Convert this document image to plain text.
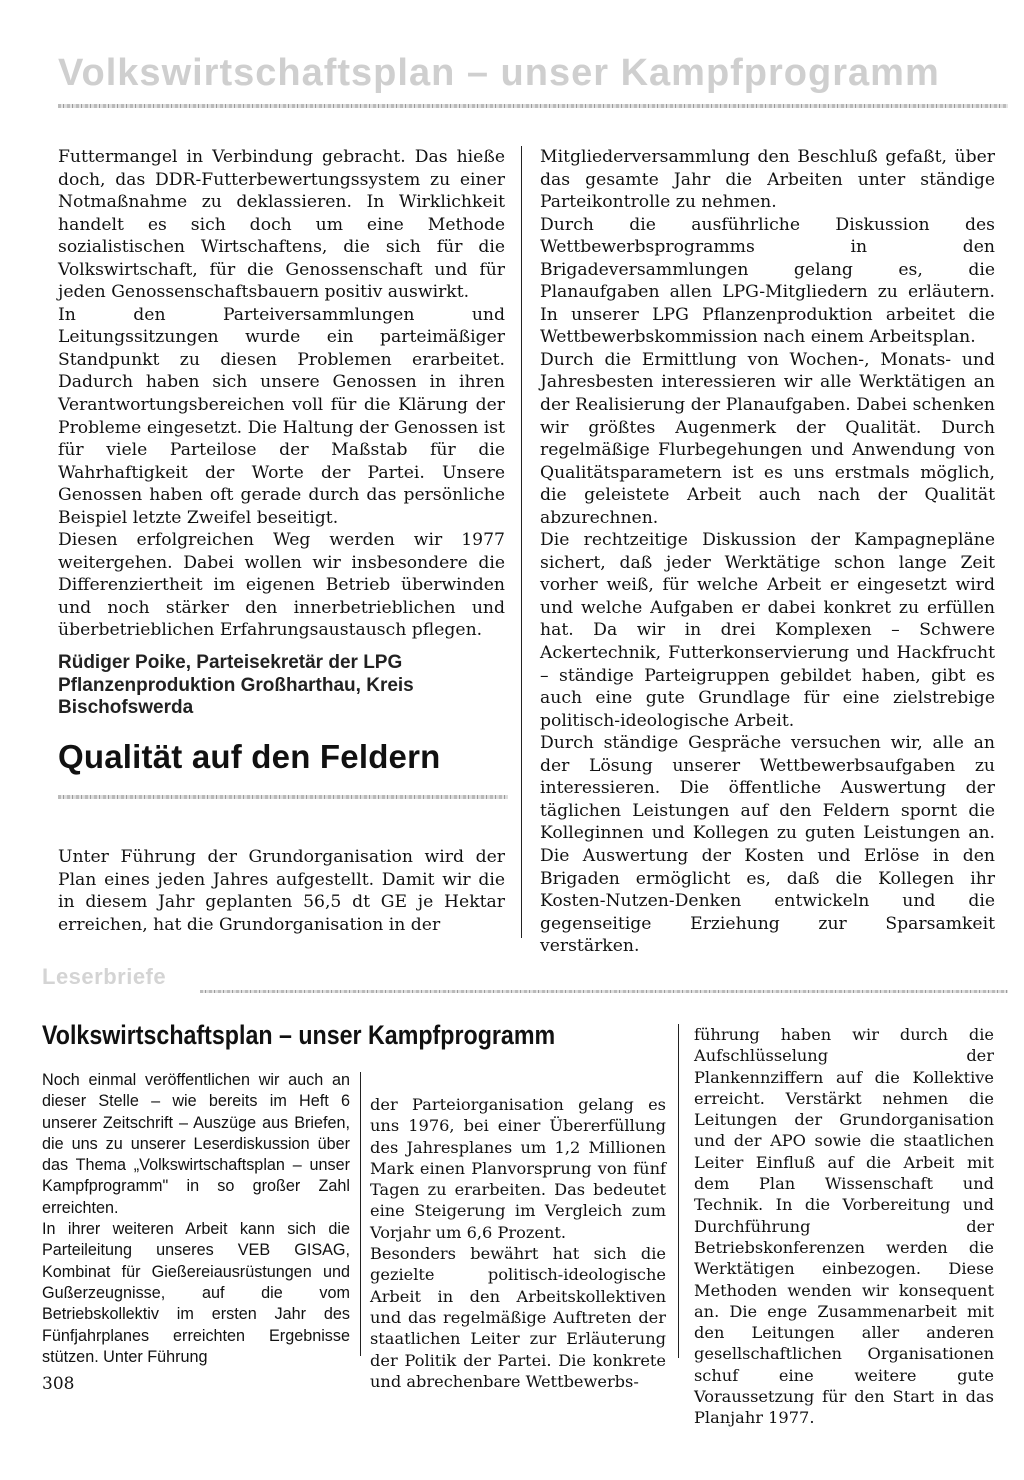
Volkswirtschaftsplan – unser Kampfprogramm

Futtermangel in Verbindung gebracht. Das hieße doch, das DDR-Futterbewertungssystem zu einer Notmaßnahme zu deklassieren. In Wirklichkeit handelt es sich doch um eine Methode sozialistischen Wirtschaftens, die sich für die Volkswirtschaft, für die Genossenschaft und für jeden Genossenschaftsbauern positiv auswirkt.

In den Parteiversammlungen und Leitungssitzungen wurde ein parteimäßiger Standpunkt zu diesen Problemen erarbeitet. Dadurch haben sich unsere Genossen in ihren Verantwortungsbereichen voll für die Klärung der Probleme eingesetzt. Die Haltung der Genossen ist für viele Parteilose der Maßstab für die Wahrhaftigkeit der Worte der Partei. Unsere Genossen haben oft gerade durch das persönliche Beispiel letzte Zweifel beseitigt.

Diesen erfolgreichen Weg werden wir 1977 weitergehen. Dabei wollen wir insbesondere die Differenziertheit im eigenen Betrieb überwinden und noch stärker den innerbetrieblichen und überbetrieblichen Erfahrungsaustausch pflegen.

Rüdiger Poike, Parteisekretär der LPG Pflanzenproduktion Großharthau, Kreis Bischofswerda
Qualität auf den Feldern

Unter Führung der Grundorganisation wird der Plan eines jeden Jahres aufgestellt. Damit wir die in diesem Jahr geplanten 56,5 dt GE je Hektar erreichen, hat die Grundorganisation in der

Mitgliederversammlung den Beschluß gefaßt, über das gesamte Jahr die Arbeiten unter ständige Parteikontrolle zu nehmen.

Durch die ausführliche Diskussion des Wettbewerbsprogramms in den Brigadeversammlungen gelang es, die Planaufgaben allen LPG-Mitgliedern zu erläutern. In unserer LPG Pflanzenproduktion arbeitet die Wettbewerbskommission nach einem Arbeitsplan.

Durch die Ermittlung von Wochen-, Monats- und Jahresbesten interessieren wir alle Werktätigen an der Realisierung der Planaufgaben. Dabei schenken wir größtes Augenmerk der Qualität. Durch regelmäßige Flurbegehungen und Anwendung von Qualitätsparametern ist es uns erstmals möglich, die geleistete Arbeit auch nach der Qualität abzurechnen.

Die rechtzeitige Diskussion der Kampagnepläne sichert, daß jeder Werktätige schon lange Zeit vorher weiß, für welche Arbeit er eingesetzt wird und welche Aufgaben er dabei konkret zu erfüllen hat. Da wir in drei Komplexen – Schwere Ackertechnik, Futterkonservierung und Hackfrucht – ständige Parteigruppen gebildet haben, gibt es auch eine gute Grundlage für eine zielstrebige politisch-ideologische Arbeit.

Durch ständige Gespräche versuchen wir, alle an der Lösung unserer Wettbewerbsaufgaben zu interessieren. Die öffentliche Auswertung der täglichen Leistungen auf den Feldern spornt die Kolleginnen und Kollegen zu guten Leistungen an. Die Auswertung der Kosten und Erlöse in den Brigaden ermöglicht es, daß die Kollegen ihr Kosten-Nutzen-Denken entwickeln und die gegenseitige Erziehung zur Sparsamkeit verstärken.

Leserbriefe
Volkswirtschaftsplan – unser Kampfprogramm

Noch einmal veröffentlichen wir auch an dieser Stelle – wie bereits im Heft 6 unserer Zeitschrift – Auszüge aus Briefen, die uns zu unserer Leserdiskussion über das Thema „Volkswirtschaftsplan – unser Kampfprogramm" in so großer Zahl erreichten.

In ihrer weiteren Arbeit kann sich die Parteileitung unseres VEB GISAG, Kombinat für Gießereiausrüstungen und Gußerzeugnisse, auf die vom Betriebskollektiv im ersten Jahr des Fünfjahrplanes erreichten Ergebnisse stützen. Unter Führung

der Parteiorganisation gelang es uns 1976, bei einer Übererfüllung des Jahresplanes um 1,2 Millionen Mark einen Planvorsprung von fünf Tagen zu erarbeiten. Das bedeutet eine Steigerung im Vergleich zum Vorjahr um 6,6 Prozent.

Besonders bewährt hat sich die gezielte politisch-ideologische Arbeit in den Arbeitskollektiven und das regelmäßige Auftreten der staatlichen Leiter zur Erläuterung der Politik der Partei. Die konkrete und abrechenbare Wettbewerbs-

führung haben wir durch die Aufschlüsselung der Plankennziffern auf die Kollektive erreicht. Verstärkt nehmen die Leitungen der Grundorganisation und der APO sowie die staatlichen Leiter Einfluß auf die Arbeit mit dem Plan Wissenschaft und Technik. In die Vorbereitung und Durchführung der Betriebskonferenzen werden die Werktätigen einbezogen. Diese Methoden wenden wir konsequent an. Die enge Zusammenarbeit mit den Leitungen aller anderen gesellschaftlichen Organisationen schuf eine weitere gute Voraussetzung für den Start in das Planjahr 1977.

308
